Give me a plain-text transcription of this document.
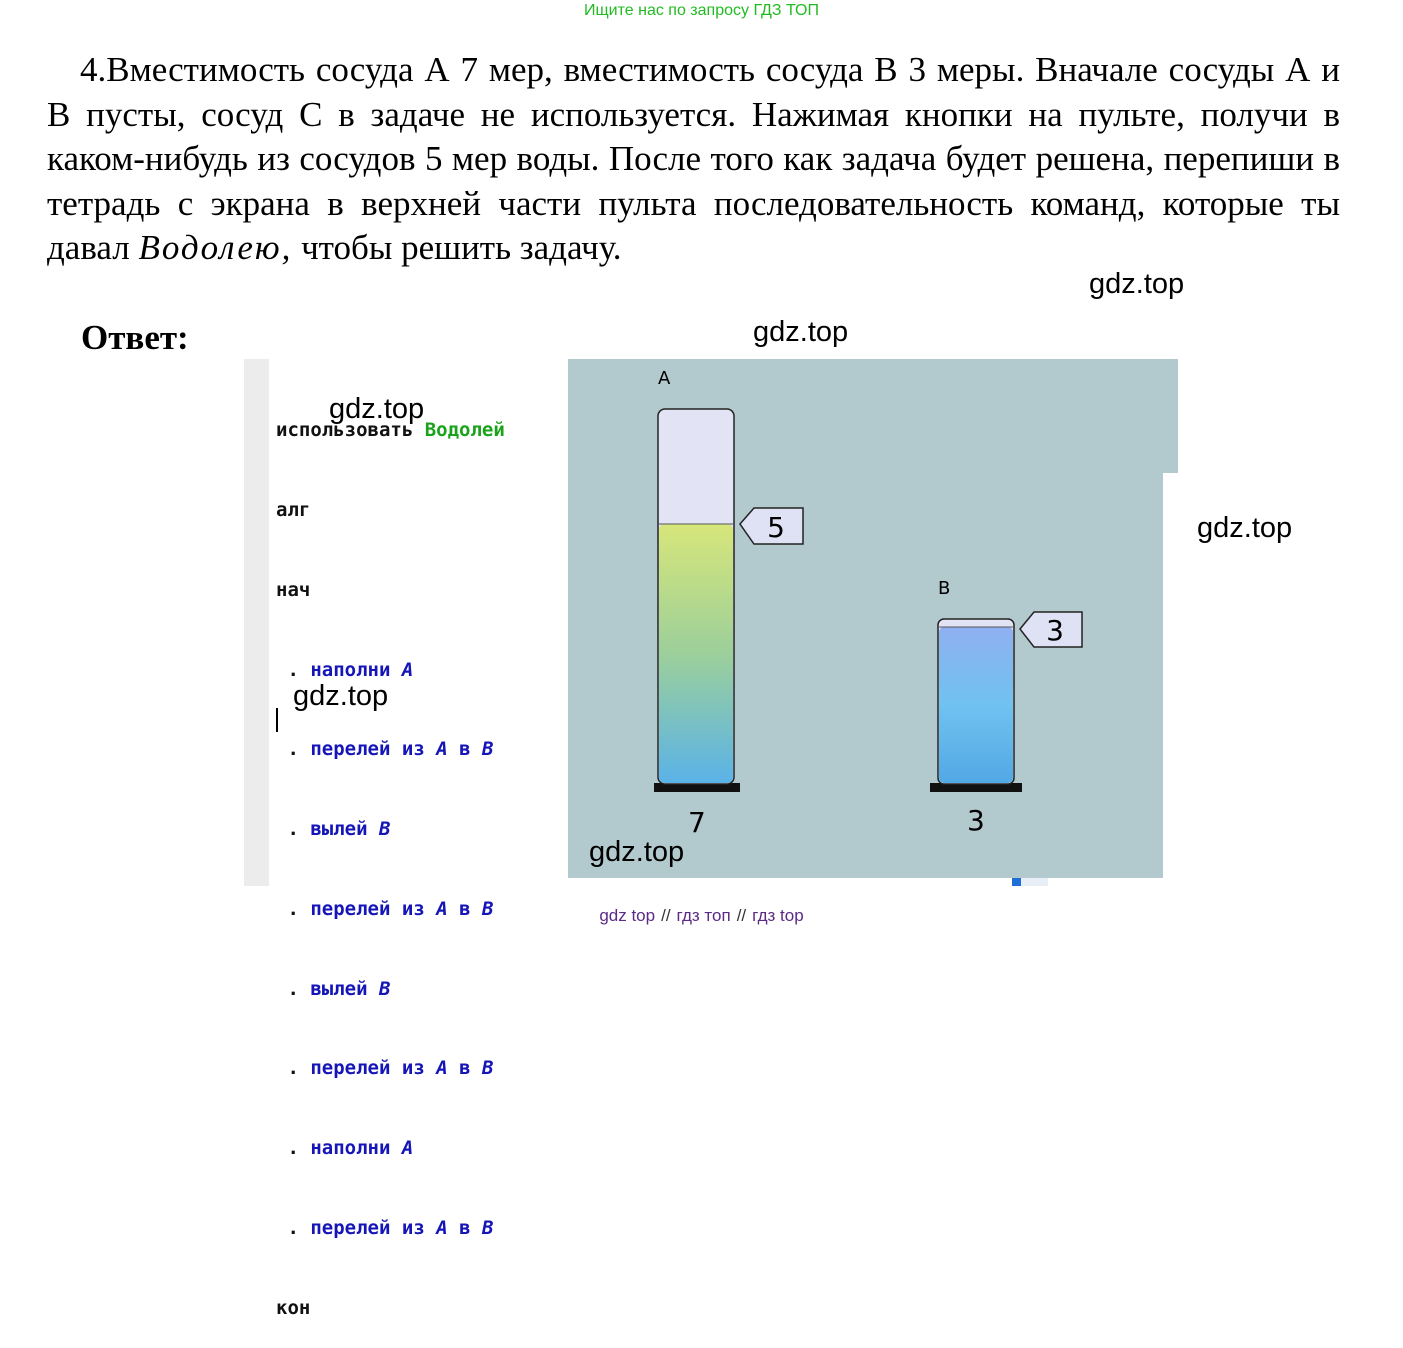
Ищите нас по запросу ГДЗ ТОП

4.Вместимость сосуда А 7 мер, вместимость сосуда В 3 меры. Вначале сосуды А и В пусты, сосуд С в задаче не используется. Нажимая кнопки на пульте, получи в каком-нибудь из сосудов 5 мер воды. После того как задача будет решена, перепиши в тетрадь с экрана в верхней части пульта последовательность команд, которые ты давал Водолею, чтобы решить задачу.

Ответ:

использовать Водолей

алг

нач

. наполни A

. перелей из A в B

. вылей B

. перелей из A в B

. вылей B

. перелей из A в B

. наполни A

. перелей из A в B

кон

A
B
5
3
7	3
gdz.top
gdz.top
gdz.top
gdz.top
gdz.top
gdz.top
gdz top // гдз топ // гдз top
